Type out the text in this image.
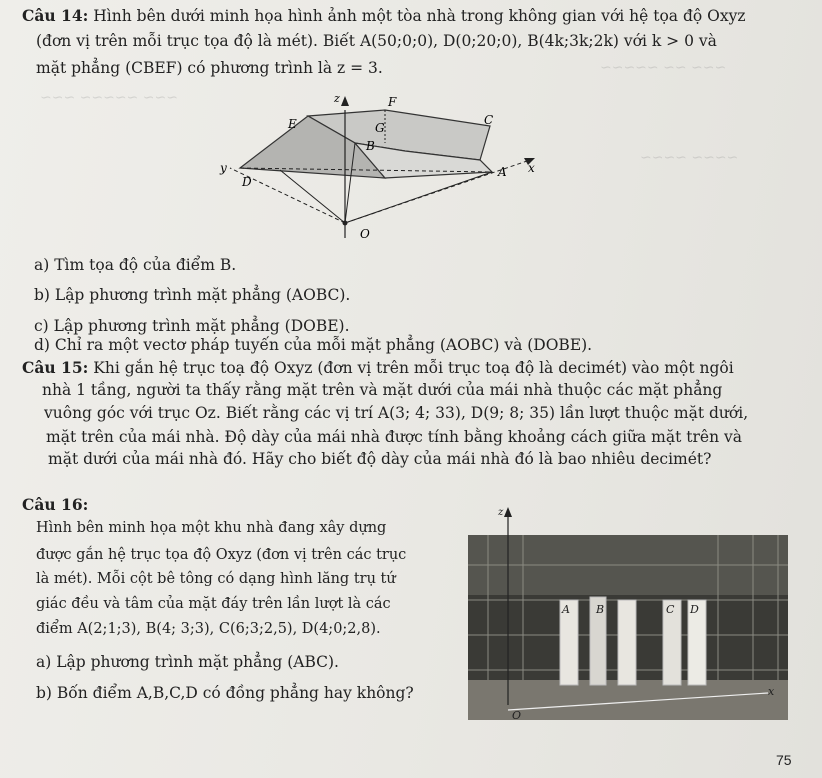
~~~ ~~ ~~~~~
~~~~ ~~~~
~~~ ~~~~~ ~~~
Câu 14: Hình bên dưới minh họa hình ảnh một tòa nhà trong không gian với hệ tọa độ Oxyz
(đơn vị trên mỗi trục tọa độ là mét). Biết A(50;0;0), D(0;20;0), B(4k;3k;2k) với k > 0 và
mặt phẳng (CBEF) có phương trình là z = 3.
z	F
E	G
C
B
y
D
A x
O
a) Tìm tọa độ của điểm B.
b) Lập phương trình mặt phẳng (AOBC).
c) Lập phương trình mặt phẳng (DOBE).
d) Chỉ ra một vectơ pháp tuyến của mỗi mặt phẳng (AOBC) và (DOBE).
Câu 15: Khi gắn hệ trục toạ độ Oxyz (đơn vị trên mỗi trục toạ độ là decimét) vào một ngôi
nhà 1 tầng, người ta thấy rằng mặt trên và mặt dưới của mái nhà thuộc các mặt phẳng
vuông góc với trục Oz. Biết rằng các vị trí A(3; 4; 33), D(9; 8; 35) lần lượt thuộc mặt dưới,
mặt trên của mái nhà. Độ dày của mái nhà được tính bằng khoảng cách giữa mặt trên và
mặt dưới của mái nhà đó. Hãy cho biết độ dày của mái nhà đó là bao nhiêu decimét?
Câu 16:
Hình bên minh họa một khu nhà đang xây dựng
được gắn hệ trục tọa độ Oxyz (đơn vị trên các trục
là mét). Mỗi cột bê tông có dạng hình lăng trụ tứ
giác đều và tâm của mặt đáy trên lần lượt là các
điểm A(2;1;3), B(4; 3;3), C(6;3;2,5), D(4;0;2,8).
a) Lập phương trình mặt phẳng (ABC).
b) Bốn điểm A,B,C,D có đồng phẳng hay không?
A B	C D
z
x
O
75
